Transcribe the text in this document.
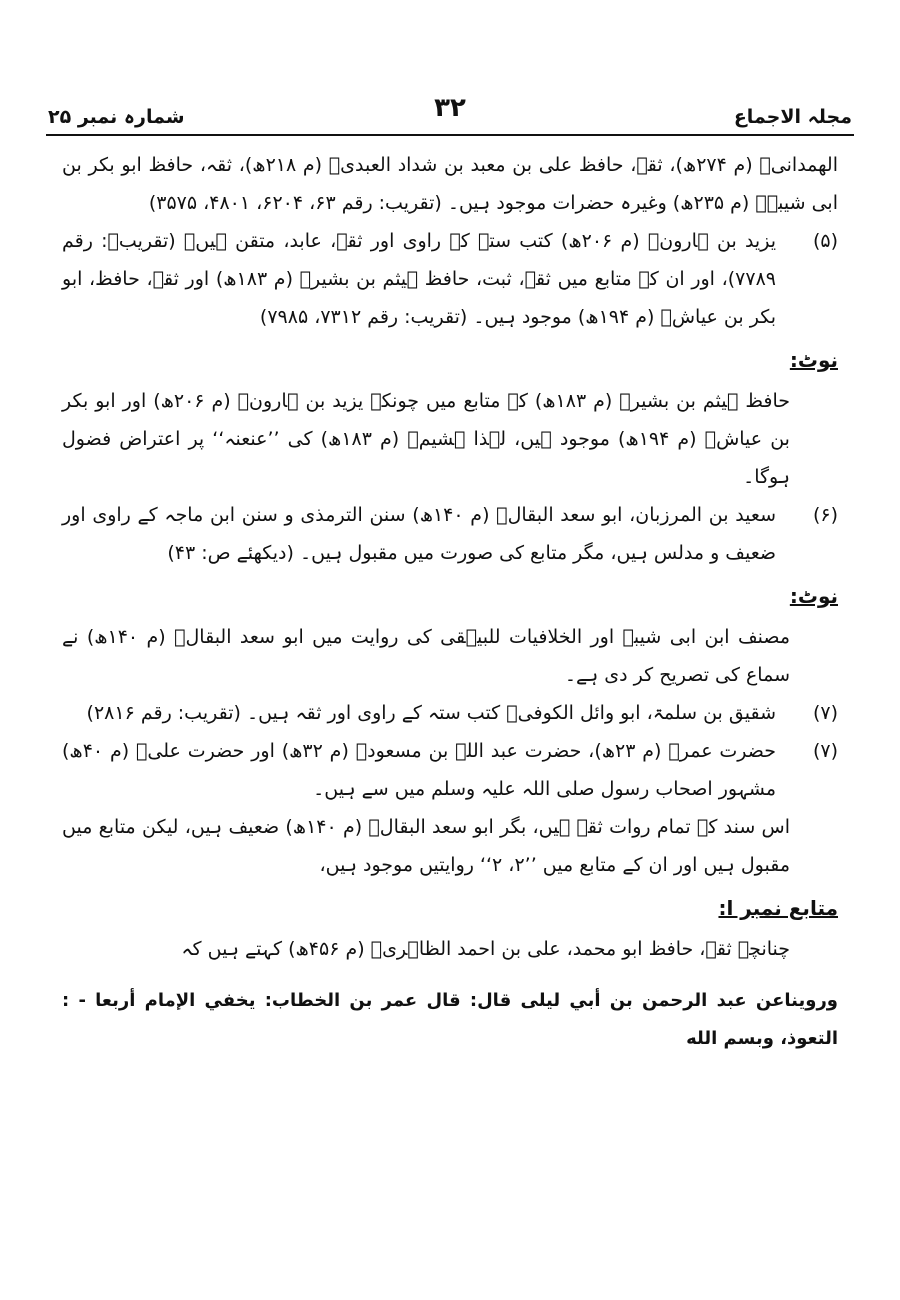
مجلہ الاجماع
۳۲
شمارہ نمبر ۲۵

الھمدانیؒ (م ۲۷۴ھ)، ثقہ، حافظ علی بن معبد بن شداد العبدیؒ (م ۲۱۸ھ)، ثقہ، حافظ ابو بکر بن ابی شیبہؒ (م ۲۳۵ھ) وغیرہ حضرات موجود ہیں۔ (تقریب: رقم ۶۳، ۶۲۰۴، ۴۸۰۱، ۳۵۷۵)

(۵)

یزید بن ہارونؒ (م ۲۰۶ھ) کتب ستہ کے راوی اور ثقہ، عابد، متقن ہیں۔ (تقریبؒ: رقم ۷۷۸۹)، اور ان کے متابع میں ثقہ، ثبت، حافظ ہیثم بن بشیرؒ (م ۱۸۳ھ) اور ثقہ، حافظ، ابو بکر بن عیاشؒ (م ۱۹۴ھ) موجود ہیں۔ (تقریب: رقم ۷۳۱۲، ۷۹۸۵)

نوٹ:

حافظ ہیثم بن بشیرؒ (م ۱۸۳ھ) کے متابع میں چونکہ یزید بن ہارونؒ (م ۲۰۶ھ) اور ابو بکر بن عیاشؒ (م ۱۹۴ھ) موجود ہیں، لہذا ہشیمؒ (م ۱۸۳ھ) کی ’’عنعنہ‘‘ پر اعتراض فضول ہوگا۔

(۶)

سعید بن المرزبان، ابو سعد البقالؒ (م ۱۴۰ھ) سنن الترمذی و سنن ابن ماجہ کے راوی اور ضعیف و مدلس ہیں، مگر متابع کی صورت میں مقبول ہیں۔ (دیکھئے ص: ۴۳)

نوٹ:

مصنف ابن ابی شیبۃ اور الخلافیات للبیہقی کی روایت میں ابو سعد البقالؒ (م ۱۴۰ھ) نے سماع کی تصریح کر دی ہے۔

(۷)

شقیق بن سلمۃ، ابو وائل الکوفیؒ کتب ستہ کے راوی اور ثقہ ہیں۔ (تقریب: رقم ۲۸۱۶)

(۷)

حضرت عمرؓ (م ۲۳ھ)، حضرت عبد اللہ بن مسعودؓ (م ۳۲ھ) اور حضرت علیؓ (م ۴۰ھ) مشہور اصحاب رسول صلی اللہ علیہ وسلم میں سے ہیں۔

اس سند کے تمام روات ثقہ ہیں، بگر ابو سعد البقالؒ (م ۱۴۰ھ) ضعیف ہیں، لیکن متابع میں مقبول ہیں اور ان کے متابع میں ’’۲، ۲‘‘ روایتیں موجود ہیں،

متابع نمبر ا:

چنانچہ ثقہ، حافظ ابو محمد، علی بن احمد الظاہریؒ (م ۴۵۶ھ) کہتے ہیں کہ

ورويناعن عبد الرحمن بن أبي ليلى قال: قال عمر بن الخطاب: يخفي الإمام أربعا - : التعوذ، وبسم الله
